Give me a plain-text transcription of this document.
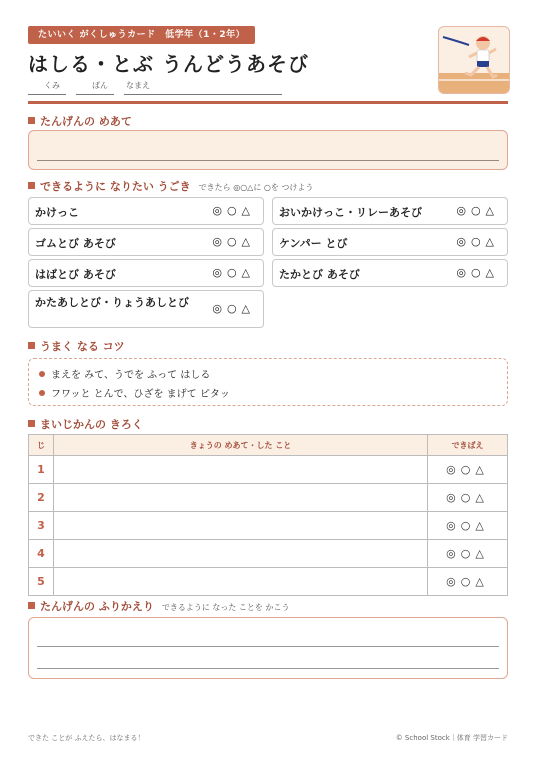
たいいく がくしゅうカード　低学年（1・2年）
はしる・とぶ うんどうあそび
くみ	ばん なまえ
たんげんの めあて
できるように なりたい うごき できたら ◎○△に ○を つけよう
かけっこ	◎○△ おいかけっこ・リレーあそび	◎○△
ゴムとび あそび	◎○△ ケンパー とび	◎○△
はばとび あそび	◎○△ たかとび あそび	◎○△
かたあしとび・りょうあしとび	◎○△
うまく なる コツ
まえを みて、うでを ふって はしる
フワッと とんで、ひざを まげて ピタッ
まいじかんの きろく
じ	きょうの めあて・した こと	できばえ
1		◎○△
2		◎○△
3		◎○△
4		◎○△
5		◎○△
たんげんの ふりかえり できるように なった ことを かこう
できた ことが ふえたら、はなまる！	© School Stock｜体育 学習カード
